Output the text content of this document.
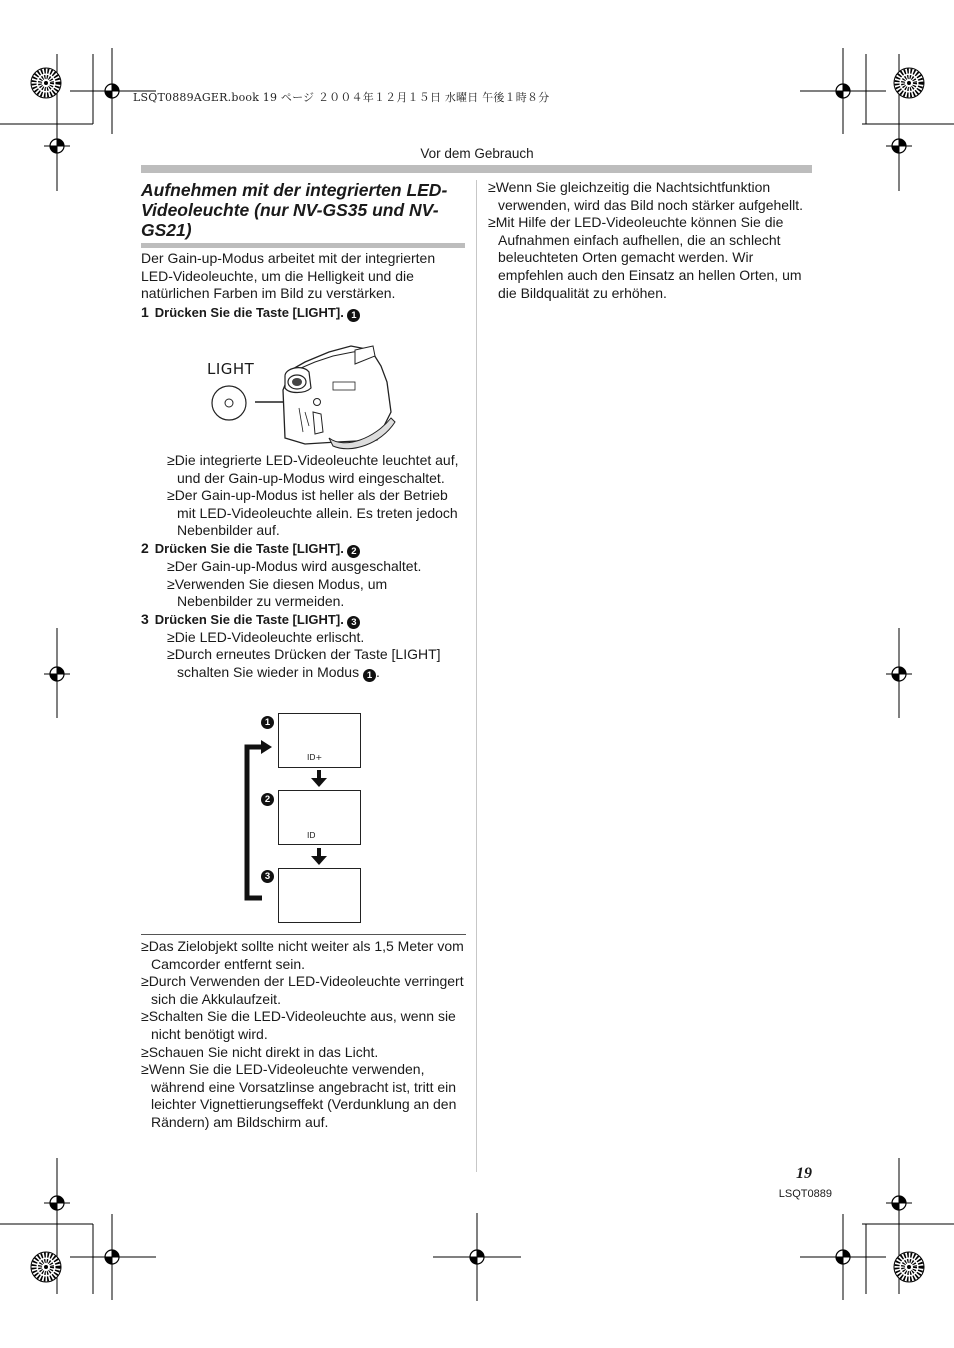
LSQT0889AGER.book 19 ページ ２００４年１２月１５日 水曜日 午後１時８分
Vor dem Gebrauch
Aufnehmen mit der integrierten LED-Videoleuchte (nur NV-GS35 und NV-GS21)

Der Gain-up-Modus arbeitet mit der integrierten LED-Videoleuchte, um die Helligkeit und die natürlichen Farben im Bild zu verstärken.

1 Drücken Sie die Taste [LIGHT]. 1

LIGHT

≥Die integrierte LED-Videoleuchte leuchtet auf, und der Gain-up-Modus wird eingeschaltet.

≥Der Gain-up-Modus ist heller als der Betrieb mit LED-Videoleuchte allein. Es treten jedoch Nebenbilder auf.

2 Drücken Sie die Taste [LIGHT]. 2

≥Der Gain-up-Modus wird ausgeschaltet.

≥Verwenden Sie diesen Modus, um Nebenbilder zu vermeiden.

3 Drücken Sie die Taste [LIGHT]. 3

≥Die LED-Videoleuchte erlischt.

≥Durch erneutes Drücken der Taste [LIGHT] schalten Sie wieder in Modus 1 .

1
2
3
ID+
ID

≥Das Zielobjekt sollte nicht weiter als 1,5 Meter vom Camcorder entfernt sein.

≥Durch Verwenden der LED-Videoleuchte verringert sich die Akkulaufzeit.

≥Schalten Sie die LED-Videoleuchte aus, wenn sie nicht benötigt wird.

≥Schauen Sie nicht direkt in das Licht.

≥Wenn Sie die LED-Videoleuchte verwenden, während eine Vorsatzlinse angebracht ist, tritt ein leichter Vignettierungseffekt (Verdunklung an den Rändern) am Bildschirm auf.

≥Wenn Sie gleichzeitig die Nachtsichtfunktion verwenden, wird das Bild noch stärker aufgehellt.

≥Mit Hilfe der LED-Videoleuchte können Sie die Aufnahmen einfach aufhellen, die an schlecht beleuchteten Orten gemacht werden. Wir empfehlen auch den Einsatz an hellen Orten, um die Bildqualität zu erhöhen.

19
LSQT0889
